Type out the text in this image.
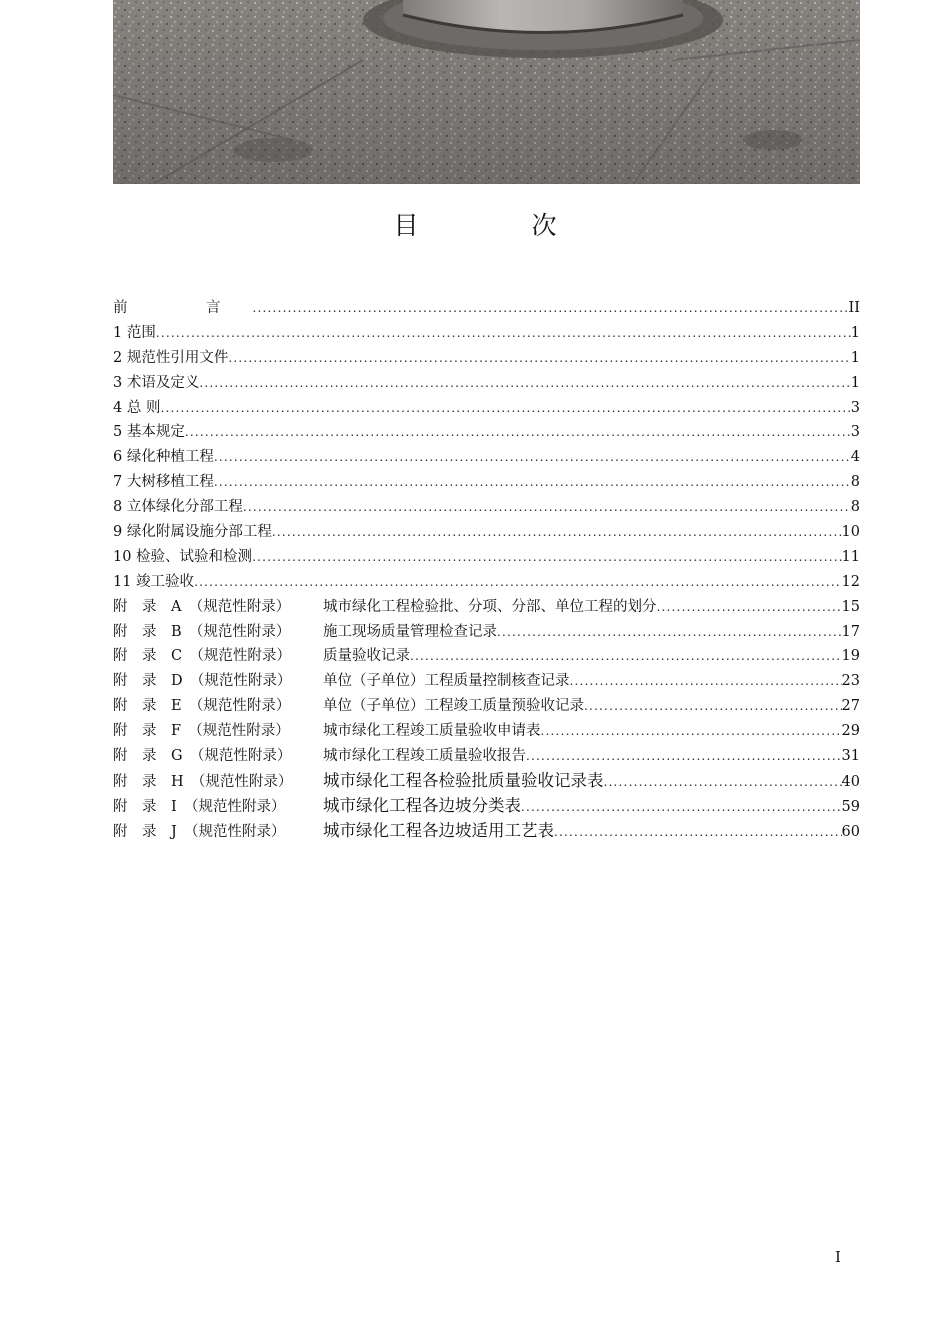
目　次
前　言 .....	II
1 范围 .....	1
2 规范性引用文件 .....	1
3 术语及定义 .....	1
4 总 则 .....	3
5 基本规定 .....	3
6 绿化种植工程 .....	4
7 大树移植工程 .....	8
8 立体绿化分部工程 .....	8
9 绿化附属设施分部工程 .....	10
10 检验、试验和检测 .....	11
11 竣工验收 .....	12
附　录　A　（规范性附录）	城市绿化工程检验批、分项、分部、单位工程的划分 .....	15
附　录　B　（规范性附录）	施工现场质量管理检查记录 .....	17
附　录　C　（规范性附录）	质量验收记录 .....	19
附　录　D　（规范性附录）	单位（子单位）工程质量控制核查记录 .....	23
附　录　E　（规范性附录）	单位（子单位）工程竣工质量预验收记录 .....	27
附　录　F　（规范性附录）	城市绿化工程竣工质量验收申请表 .....	29
附　录　G　（规范性附录）	城市绿化工程竣工质量验收报告 .....	31
附　录　H　（规范性附录）	城市绿化工程各检验批质量验收记录表 .....	40
附　录　I　（规范性附录）	城市绿化工程各边坡分类表 .....	59
附　录　J　（规范性附录）	城市绿化工程各边坡适用工艺表 .....	60
I
